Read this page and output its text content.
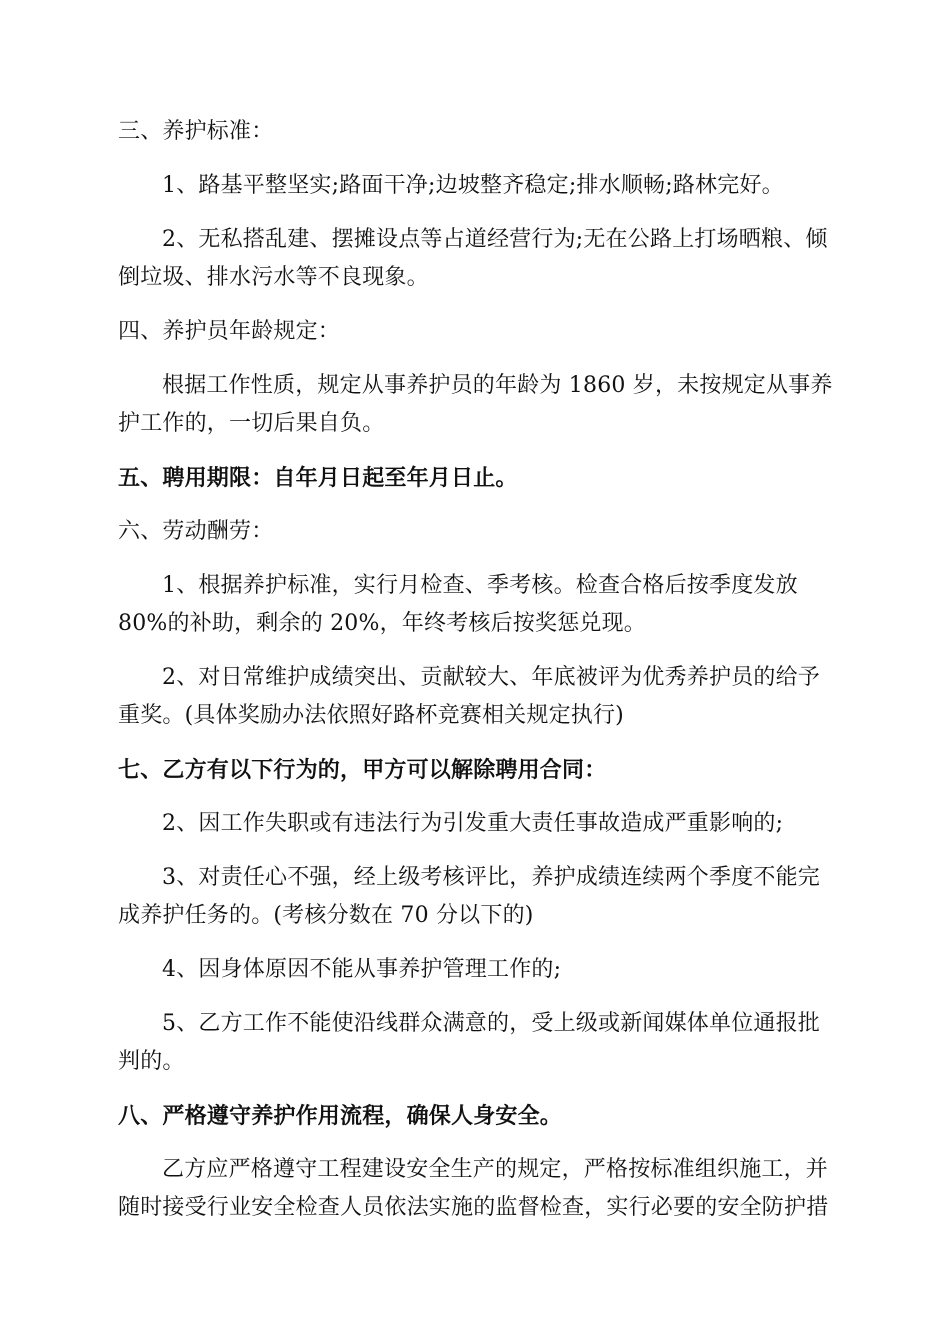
三、养护标准：
1、路基平整坚实;路面干净;边坡整齐稳定;排水顺畅;路林完好。
2、无私搭乱建、摆摊设点等占道经营行为;无在公路上打场晒粮、倾
倒垃圾、排水污水等不良现象。
四、养护员年龄规定：
根据工作性质，规定从事养护员的年龄为 1860 岁，未按规定从事养
护工作的，一切后果自负。
五、聘用期限：自年月日起至年月日止。
六、劳动酬劳：
1、根据养护标准，实行月检查、季考核。检查合格后按季度发放
80%的补助，剩余的 20%，年终考核后按奖惩兑现。
2、对日常维护成绩突出、贡献较大、年底被评为优秀养护员的给予
重奖。(具体奖励办法依照好路杯竞赛相关规定执行)
七、乙方有以下行为的，甲方可以解除聘用合同：
2、因工作失职或有违法行为引发重大责任事故造成严重影响的;
3、对责任心不强，经上级考核评比，养护成绩连续两个季度不能完
成养护任务的。(考核分数在 70 分以下的)
4、因身体原因不能从事养护管理工作的;
5、乙方工作不能使沿线群众满意的，受上级或新闻媒体单位通报批
判的。
八、严格遵守养护作用流程，确保人身安全。
乙方应严格遵守工程建设安全生产的规定，严格按标准组织施工，并
随时接受行业安全检查人员依法实施的监督检查，实行必要的安全防护措
